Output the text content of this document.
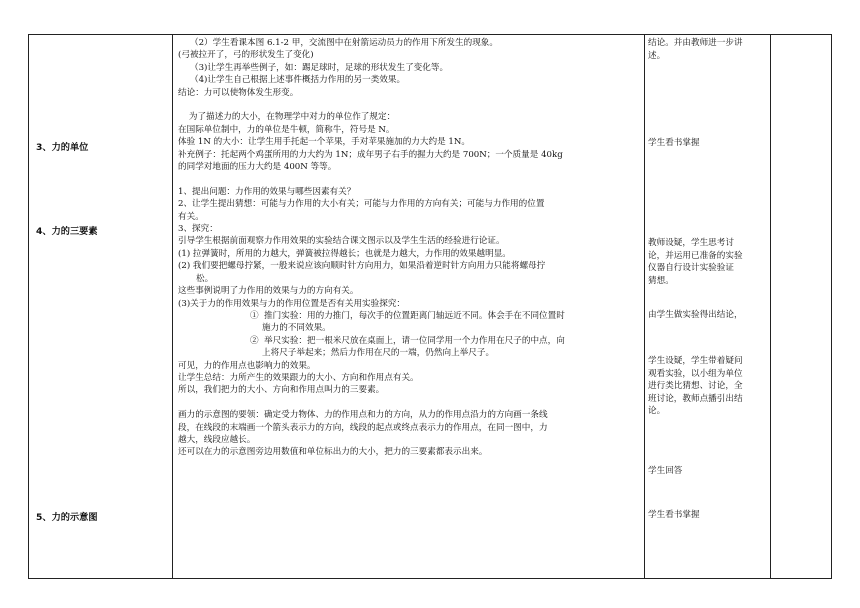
3、力的单位
4、力的三要素
5、力的示意图
（2）学生看课本图 6.1-2 甲，交流图中在射箭运动员力的作用下所发生的现象。
(弓被拉开了，弓的形状发生了变化)
（3)让学生再举些例子，如：踢足球时，足球的形状发生了变化等。
（4)让学生自己根据上述事件概括力作用的另一类效果。
结论：力可以使物体发生形变。
为了描述力的大小，在物理学中对力的单位作了规定：
在国际单位制中，力的单位是牛顿，简称牛，符号是 N。
体验 1N 的大小：让学生用手托起一个苹果，手对苹果施加的力大约是 1N。
补充例子：托起两个鸡蛋所用的力大约为 1N；成年男子右手的握力大约是 700N；一个质量是 40kg
的同学对地面的压力大约是 400N 等等。
1、提出问题：力作用的效果与哪些因素有关？
2、让学生提出猜想：可能与力作用的大小有关；可能与力作用的方向有关；可能与力作用的位置
有关。
3、探究：
引导学生根据前面观察力作用效果的实验结合课文图示以及学生生活的经验进行论证。
(1) 拉弹簧时，所用的力越大，弹簧被拉得越长；也就是力越大，力作用的效果越明显。
(2) 我们要把螺母拧紧，一般来说应该向顺时针方向用力，如果沿着逆时针方向用力只能将螺母拧
松。
这些事例说明了力作用的效果与力的方向有关。
(3)关于力的作用效果与力的作用位置是否有关用实验探究：
①  推门实验：用的力推门，每次手的位置距离门轴远近不同。体会手在不同位置时
施力的不同效果。
②  举尺实验：把一根米尺放在桌面上，请一位同学用一个力作用在尺子的中点，向
上将尺子举起来；然后力作用在尺的一端，仍然向上举尺子。
可见，力的作用点也影响力的效果。
让学生总结：力所产生的效果跟力的大小、方向和作用点有关。
所以，我们把力的大小、方向和作用点叫力的三要素。
画力的示意图的要领：确定受力物体、力的作用点和力的方向，从力的作用点沿力的方向画一条线
段，在线段的末端画一个箭头表示力的方向，线段的起点或终点表示力的作用点，在同一图中，力
越大，线段应越长。
还可以在力的示意图旁边用数值和单位标出力的大小，把力的三要素都表示出来。
结论。并由教师进一步讲
述。
学生看书掌握
教师设疑，学生思考讨
论，并运用已准备的实验
仪器自行设计实验验证
猜想。
由学生做实验得出结论，
学生设疑，学生带着疑问
观看实验，以小组为单位
进行类比猜想、讨论，全
班讨论，教师点播引出结
论。
学生回答
学生看书掌握
